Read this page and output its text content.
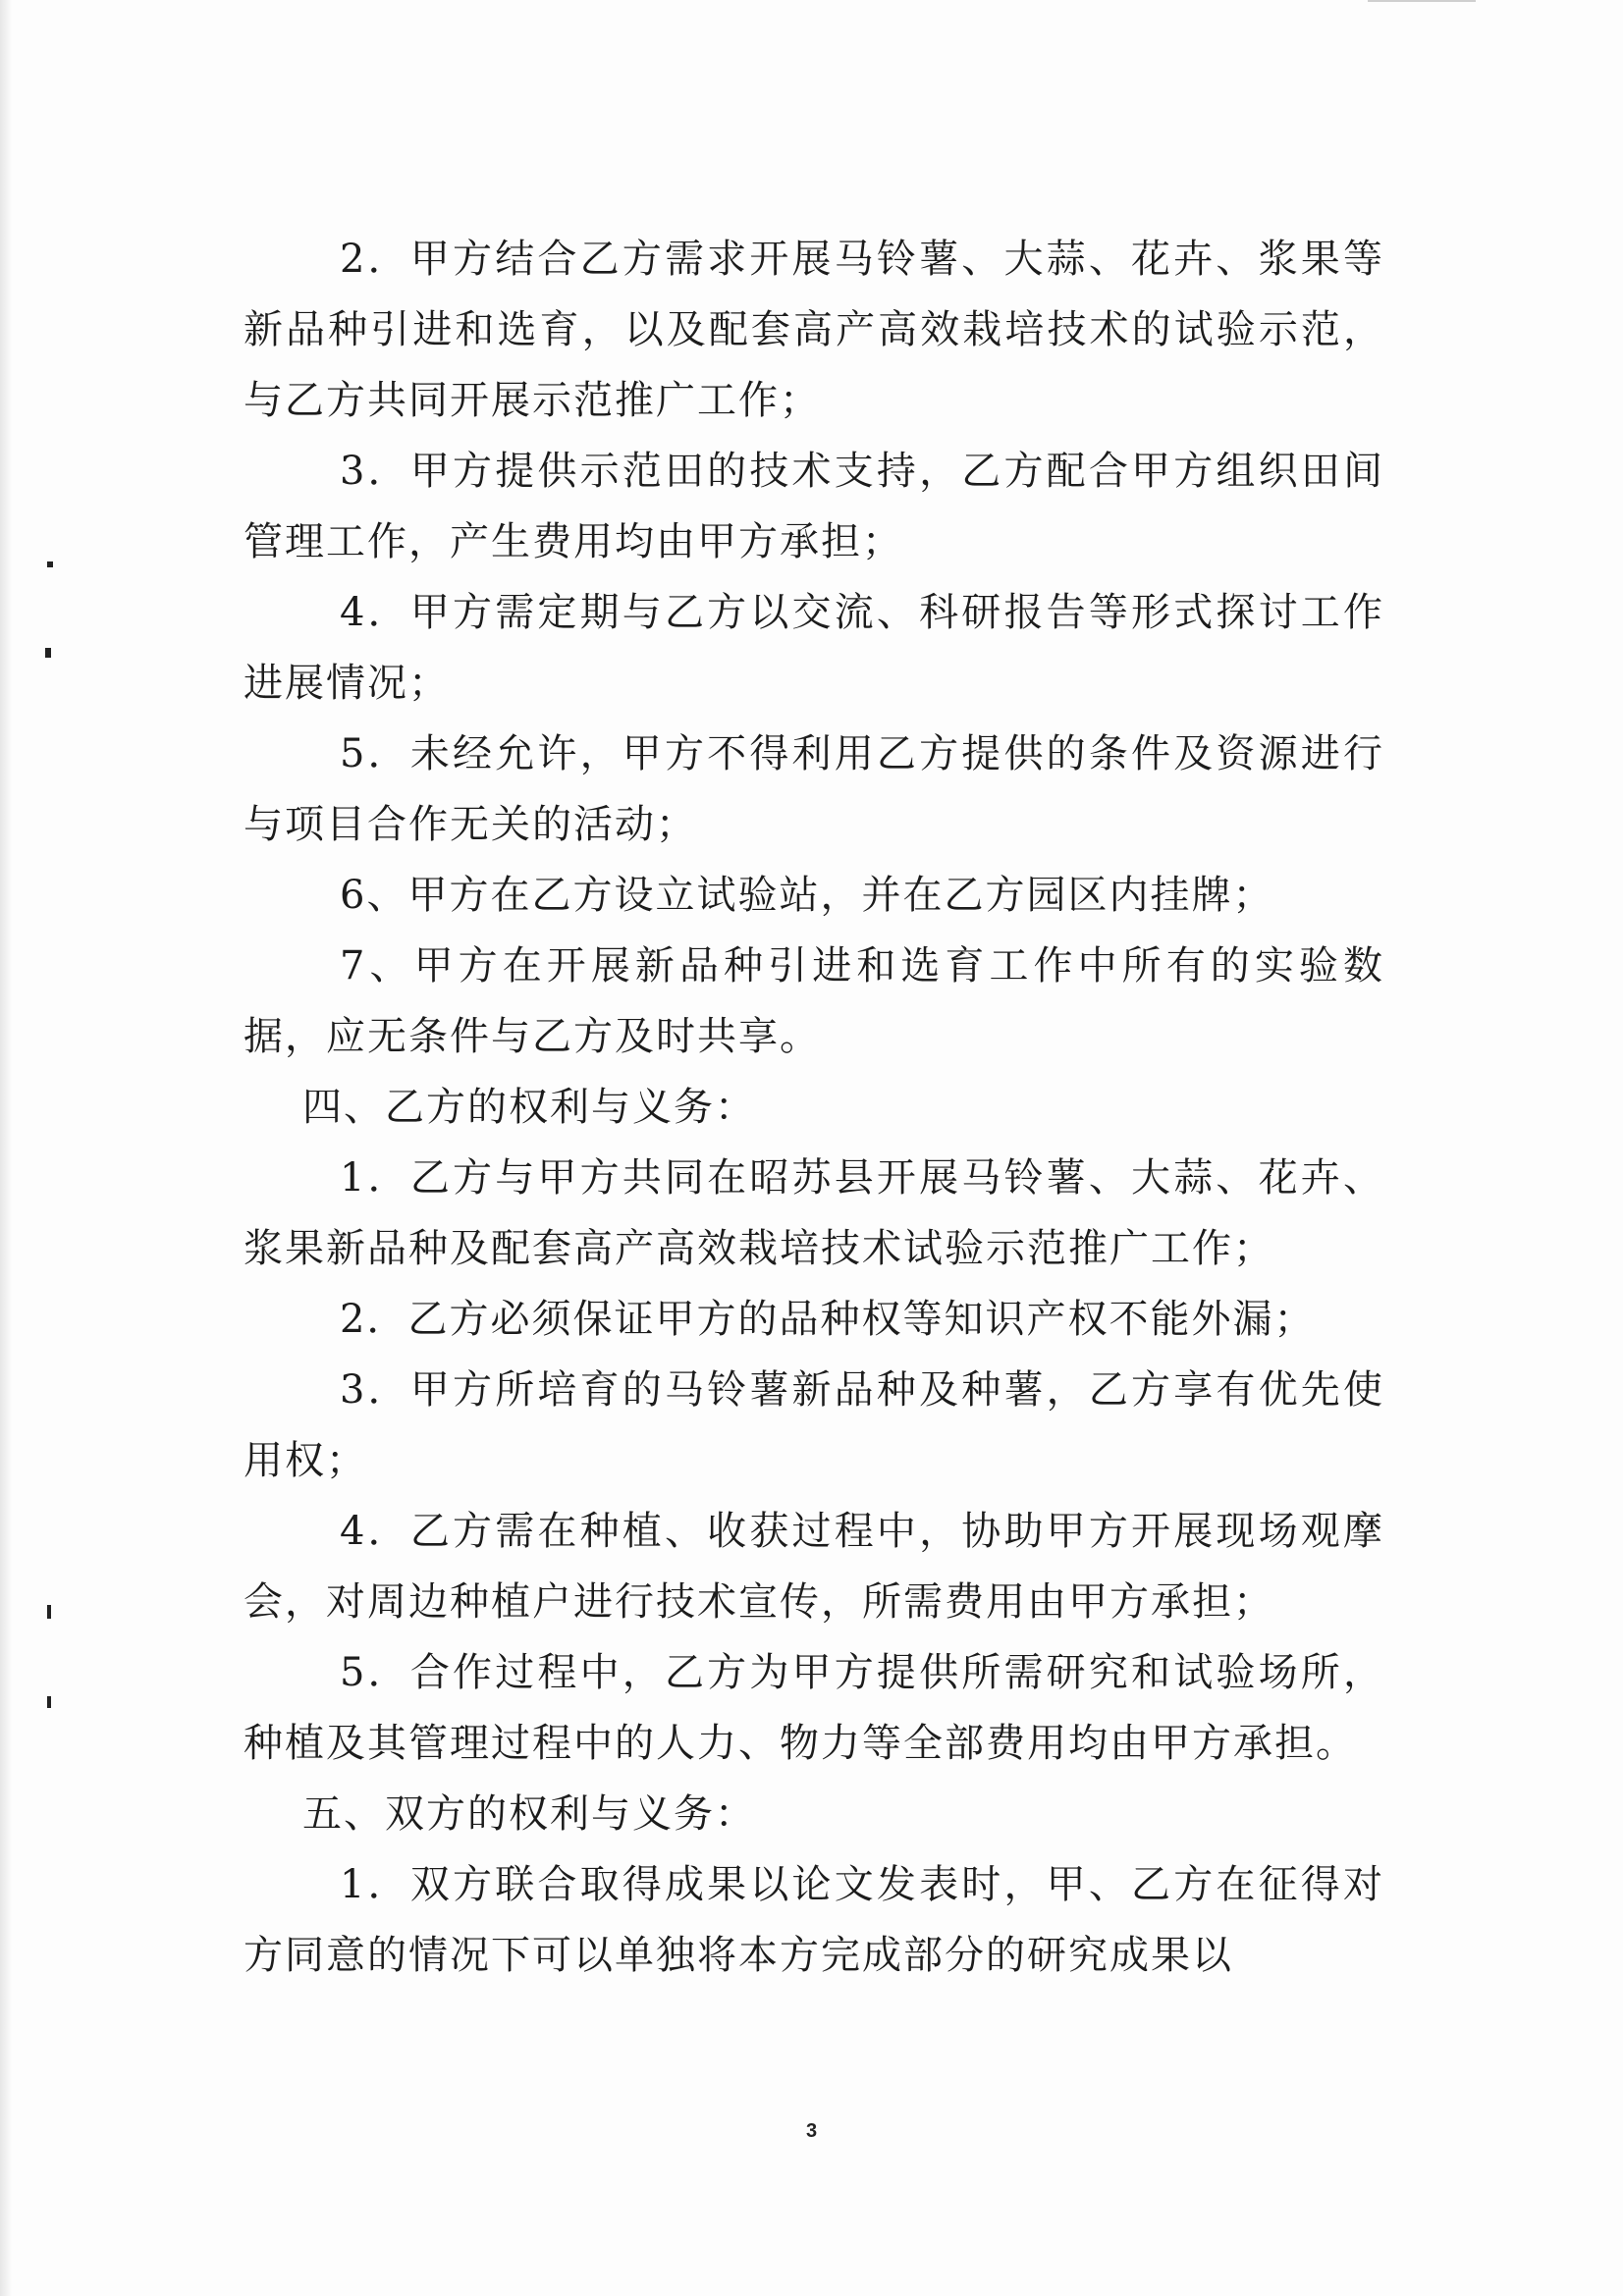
2．甲方结合乙方需求开展马铃薯、大蒜、花卉、浆果等新品种引进和选育，以及配套高产高效栽培技术的试验示范，与乙方共同开展示范推广工作；

3．甲方提供示范田的技术支持，乙方配合甲方组织田间管理工作，产生费用均由甲方承担；

4．甲方需定期与乙方以交流、科研报告等形式探讨工作进展情况；

5．未经允许，甲方不得利用乙方提供的条件及资源进行与项目合作无关的活动；

6、甲方在乙方设立试验站，并在乙方园区内挂牌；

7、甲方在开展新品种引进和选育工作中所有的实验数据，应无条件与乙方及时共享。

四、乙方的权利与义务：

1．乙方与甲方共同在昭苏县开展马铃薯、大蒜、花卉、浆果新品种及配套高产高效栽培技术试验示范推广工作；

2．乙方必须保证甲方的品种权等知识产权不能外漏；

3．甲方所培育的马铃薯新品种及种薯，乙方享有优先使用权；

4．乙方需在种植、收获过程中，协助甲方开展现场观摩会，对周边种植户进行技术宣传，所需费用由甲方承担；

5．合作过程中，乙方为甲方提供所需研究和试验场所，种植及其管理过程中的人力、物力等全部费用均由甲方承担。

五、双方的权利与义务：

1．双方联合取得成果以论文发表时，甲、乙方在征得对方同意的情况下可以单独将本方完成部分的研究成果以

3
